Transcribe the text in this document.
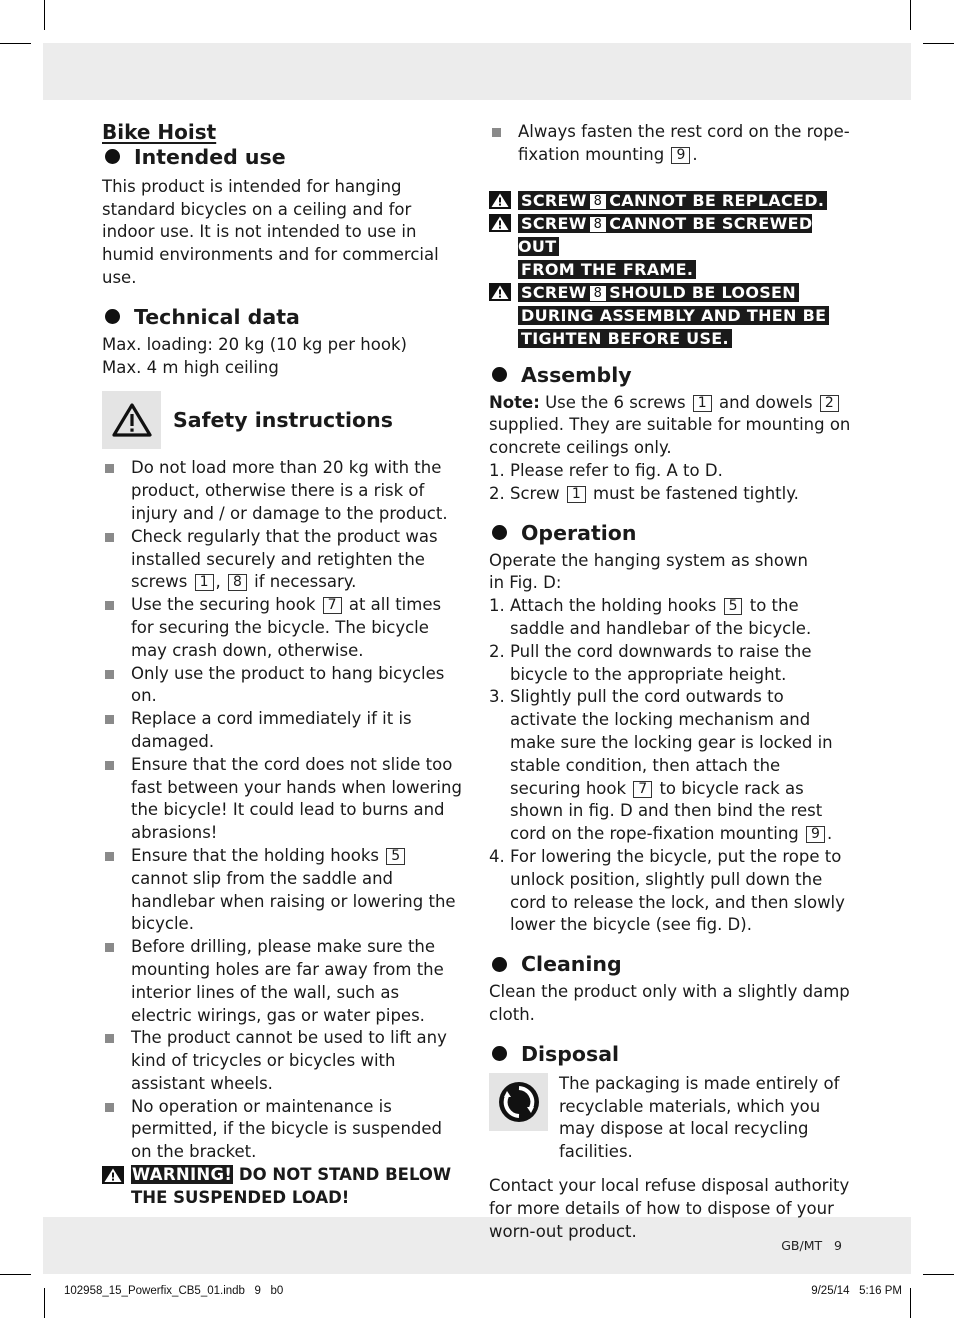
Bike Hoist

Intended use

This product is intended for hanging standard bicycles on a ceiling and for indoor use. It is not intended to use in humid environments and for commercial use.

Technical data

Max. loading: 20 kg (10 kg per hook)

Max. 4 m high ceiling

Safety instructions
Do not load more than 20 kg with the product, otherwise there is a risk of injury and / or damage to the product.
Check regularly that the product was installed securely and retighten the screws 1 , 8 if necessary.
Use the securing hook 7 at all times for securing the bicycle. The bicycle may crash down, otherwise.
Only use the product to hang bicycles on.
Replace a cord immediately if it is damaged.
Ensure that the cord does not slide too fast between your hands when lowering the bicycle! It could lead to burns and abrasions!
Ensure that the holding hooks 5 cannot slip from the saddle and handlebar when raising or lowering the bicycle.
Before drilling, please make sure the mounting holes are far away from the interior lines of the wall, such as electric wirings, gas or water pipes.
The product cannot be used to lift any kind of tricycles or bicycles with assistant wheels.
No operation or maintenance is permitted, if the bicycle is suspended on the bracket.
WARNING! DO NOT STAND BELOW THE SUSPENDED LOAD!
Always fasten the rest cord on the rope-fixation mounting 9 .
SCREW 8 CANNOT BE REPLACED.
SCREW 8 CANNOT BE SCREWED OUT
FROM THE FRAME.
SCREW 8 SHOULD BE LOOSEN
DURING ASSEMBLY AND THEN BE
TIGHTEN BEFORE USE.
Assembly

Note: Use the 6 screws 1 and dowels 2 supplied. They are suitable for mounting on concrete ceilings only.

1. Please refer to fig. A to D.
2. Screw 1 must be fastened tightly.
Operation

Operate the hanging system as shown in Fig. D:

1. Attach the holding hooks 5 to the saddle and handlebar of the bicycle.
2. Pull the cord downwards to raise the bicycle to the appropriate height.
3. Slightly pull the cord outwards to activate the locking mechanism and make sure the locking gear is locked in stable condition, then attach the securing hook 7 to bicycle rack as shown in fig. D and then bind the rest cord on the rope-fixation mounting 9 .
4. For lowering the bicycle, put the rope to unlock position, slightly pull down the cord to release the lock, and then slowly lower the bicycle (see fig. D).
Cleaning

Clean the product only with a slightly damp cloth.

Disposal

The packaging is made entirely of recyclable materials, which you may dispose at local recycling facilities.

Contact your local refuse disposal authority for more details of how to dispose of your worn-out product.

GB/MT   9
102958_15_Powerfix_CB5_01.indb   9   b0	9/25/14   5:16 PM
